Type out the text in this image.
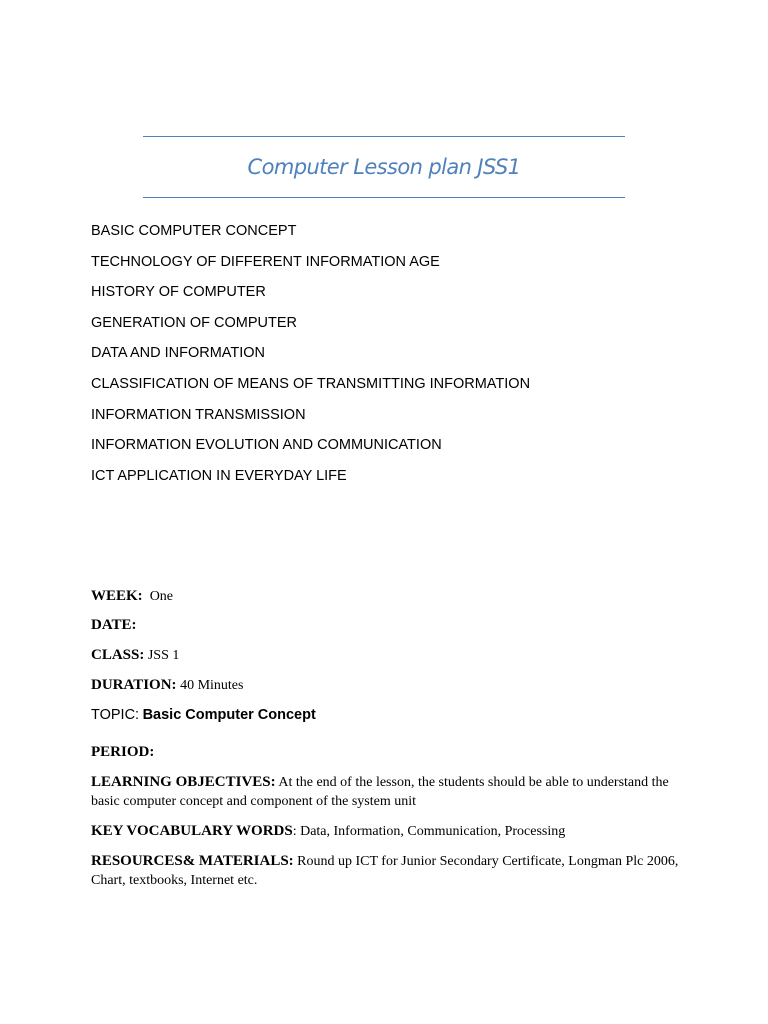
Computer Lesson plan JSS1
BASIC COMPUTER CONCEPT
TECHNOLOGY OF DIFFERENT INFORMATION AGE
HISTORY OF COMPUTER
GENERATION OF COMPUTER
DATA AND INFORMATION
CLASSIFICATION OF MEANS OF TRANSMITTING INFORMATION
INFORMATION TRANSMISSION
INFORMATION EVOLUTION AND COMMUNICATION
ICT APPLICATION IN EVERYDAY LIFE
WEEK: One
DATE:
CLASS: JSS 1
DURATION: 40 Minutes
TOPIC: Basic Computer Concept
PERIOD:
LEARNING OBJECTIVES: At the end of the lesson, the students should be able to understand the basic computer concept and component of the system unit
KEY VOCABULARY WORDS: Data, Information, Communication, Processing
RESOURCES& MATERIALS: Round up ICT for Junior Secondary Certificate, Longman Plc 2006, Chart, textbooks, Internet etc.
